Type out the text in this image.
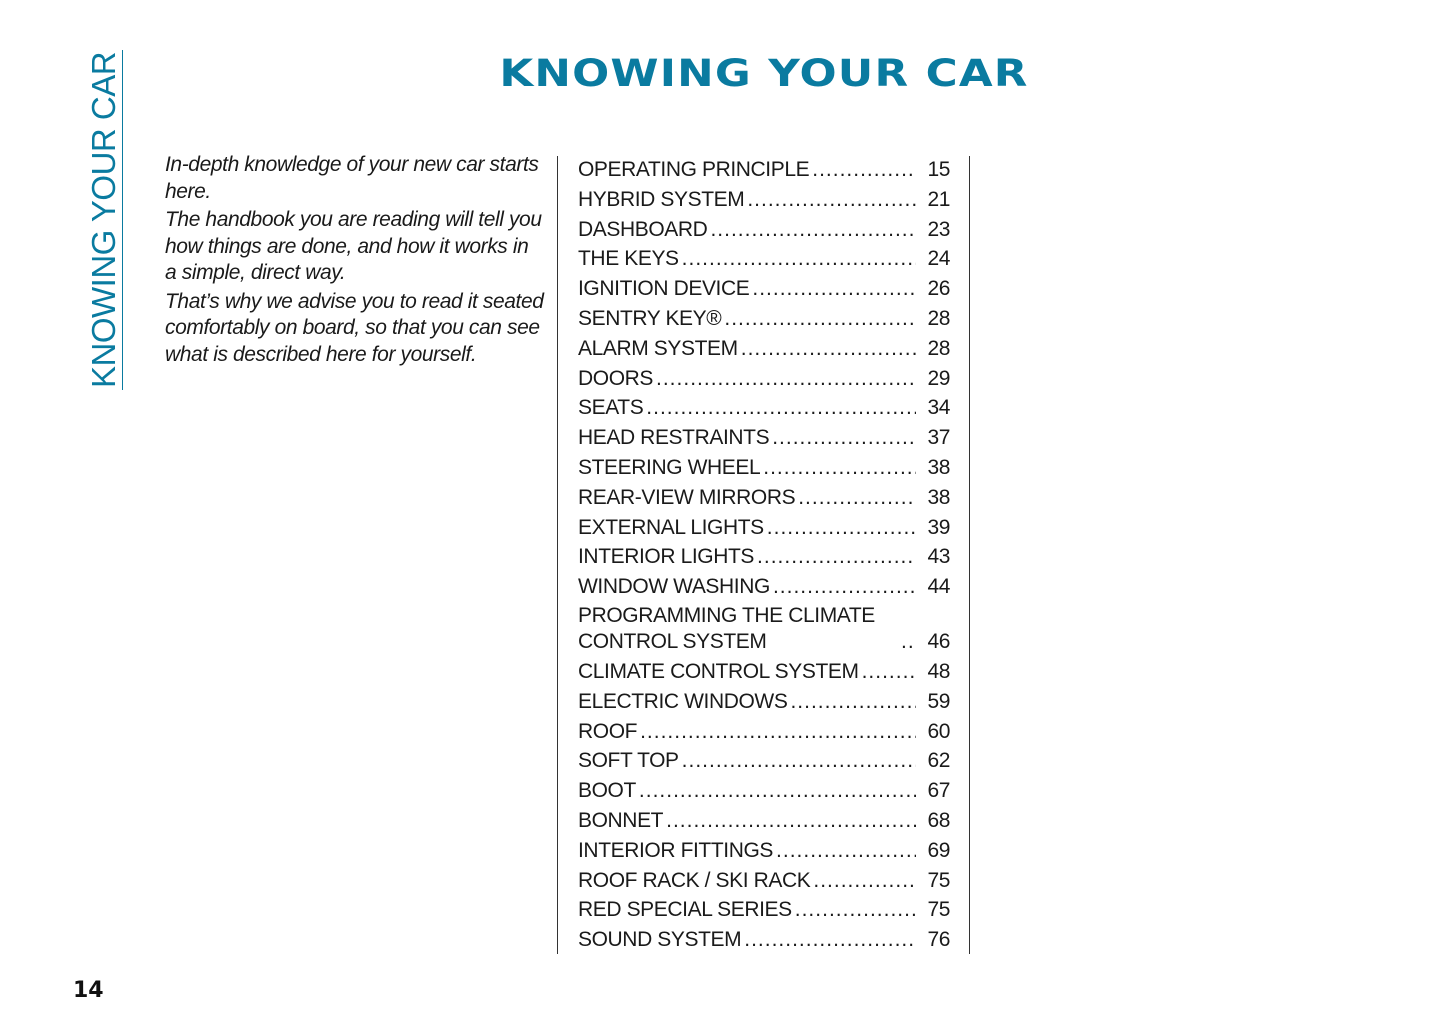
KNOWING YOUR CAR
KNOWING YOUR CAR In-depth knowledge of your new car starts here.

The handbook you are reading will tell you how things are done, and how it works in a simple, direct way.

That’s why we advise you to read it seated comfortably on board, so that you can see what is described here for yourself.

OPERATING PRINCIPLE .....	15
HYBRID SYSTEM .....	21
DASHBOARD .....	23
THE KEYS .....	24
IGNITION DEVICE .....	26
SENTRY KEY® .....	28
ALARM SYSTEM .....	28
DOORS .....	29
SEATS .....	34
HEAD RESTRAINTS .....	37
STEERING WHEEL .....	38
REAR-VIEW MIRRORS .....	38
EXTERNAL LIGHTS .....	39
INTERIOR LIGHTS .....	43
WINDOW WASHING .....	44
PROGRAMMING THE CLIMATE CONTROL SYSTEM .....	46
CLIMATE CONTROL SYSTEM .....	48
ELECTRIC WINDOWS .....	59
ROOF .....	60
SOFT TOP .....	62
BOOT .....	67
BONNET .....	68
INTERIOR FITTINGS .....	69
ROOF RACK / SKI RACK .....	75
RED SPECIAL SERIES .....	75
SOUND SYSTEM .....	76
14
